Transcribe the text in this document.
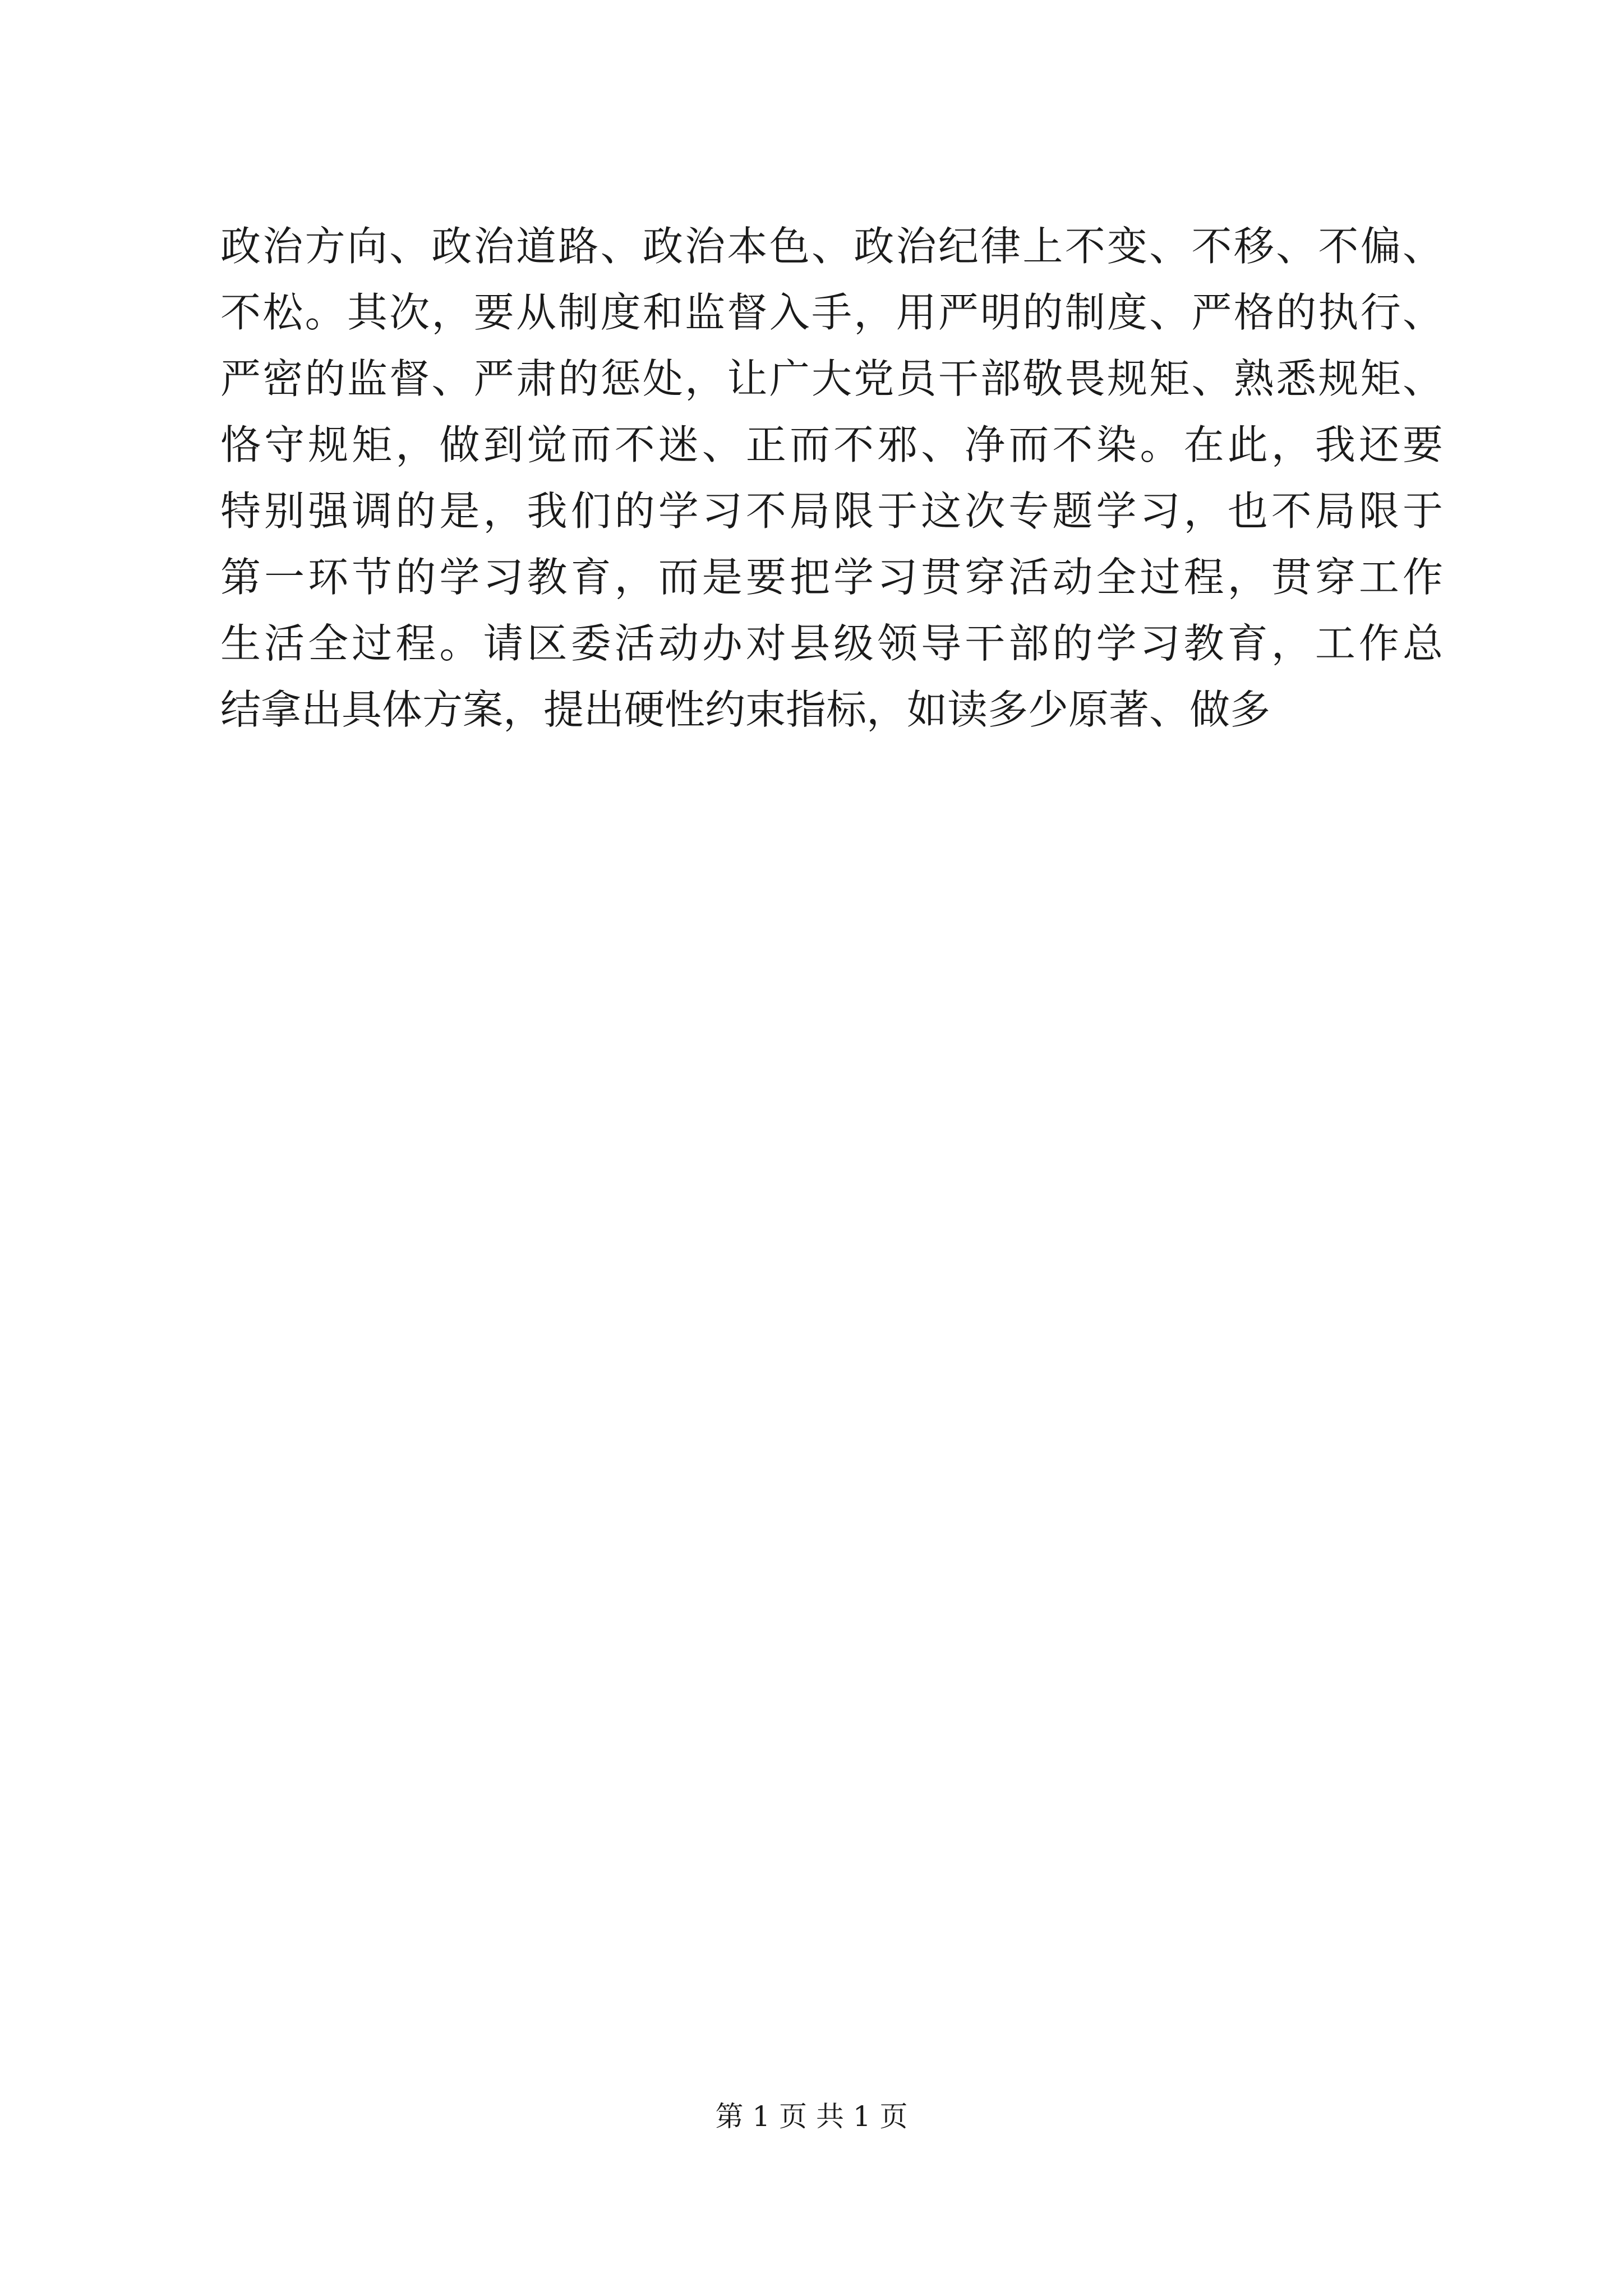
政治方向、政治道路、政治本色、政治纪律上不变、不移、不偏、
不松。其次，要从制度和监督入手，用严明的制度、严格的执行、
严密的监督、严肃的惩处，让广大党员干部敬畏规矩、熟悉规矩、
恪守规矩，做到觉而不迷、正而不邪、净而不染。在此，我还要
特别强调的是，我们的学习不局限于这次专题学习，也不局限于
第一环节的学习教育，而是要把学习贯穿活动全过程，贯穿工作
生活全过程。请区委活动办对县级领导干部的学习教育，工作总
结拿出具体方案，提出硬性约束指标，如读多少原著、做多
第 1 页 共 1 页
